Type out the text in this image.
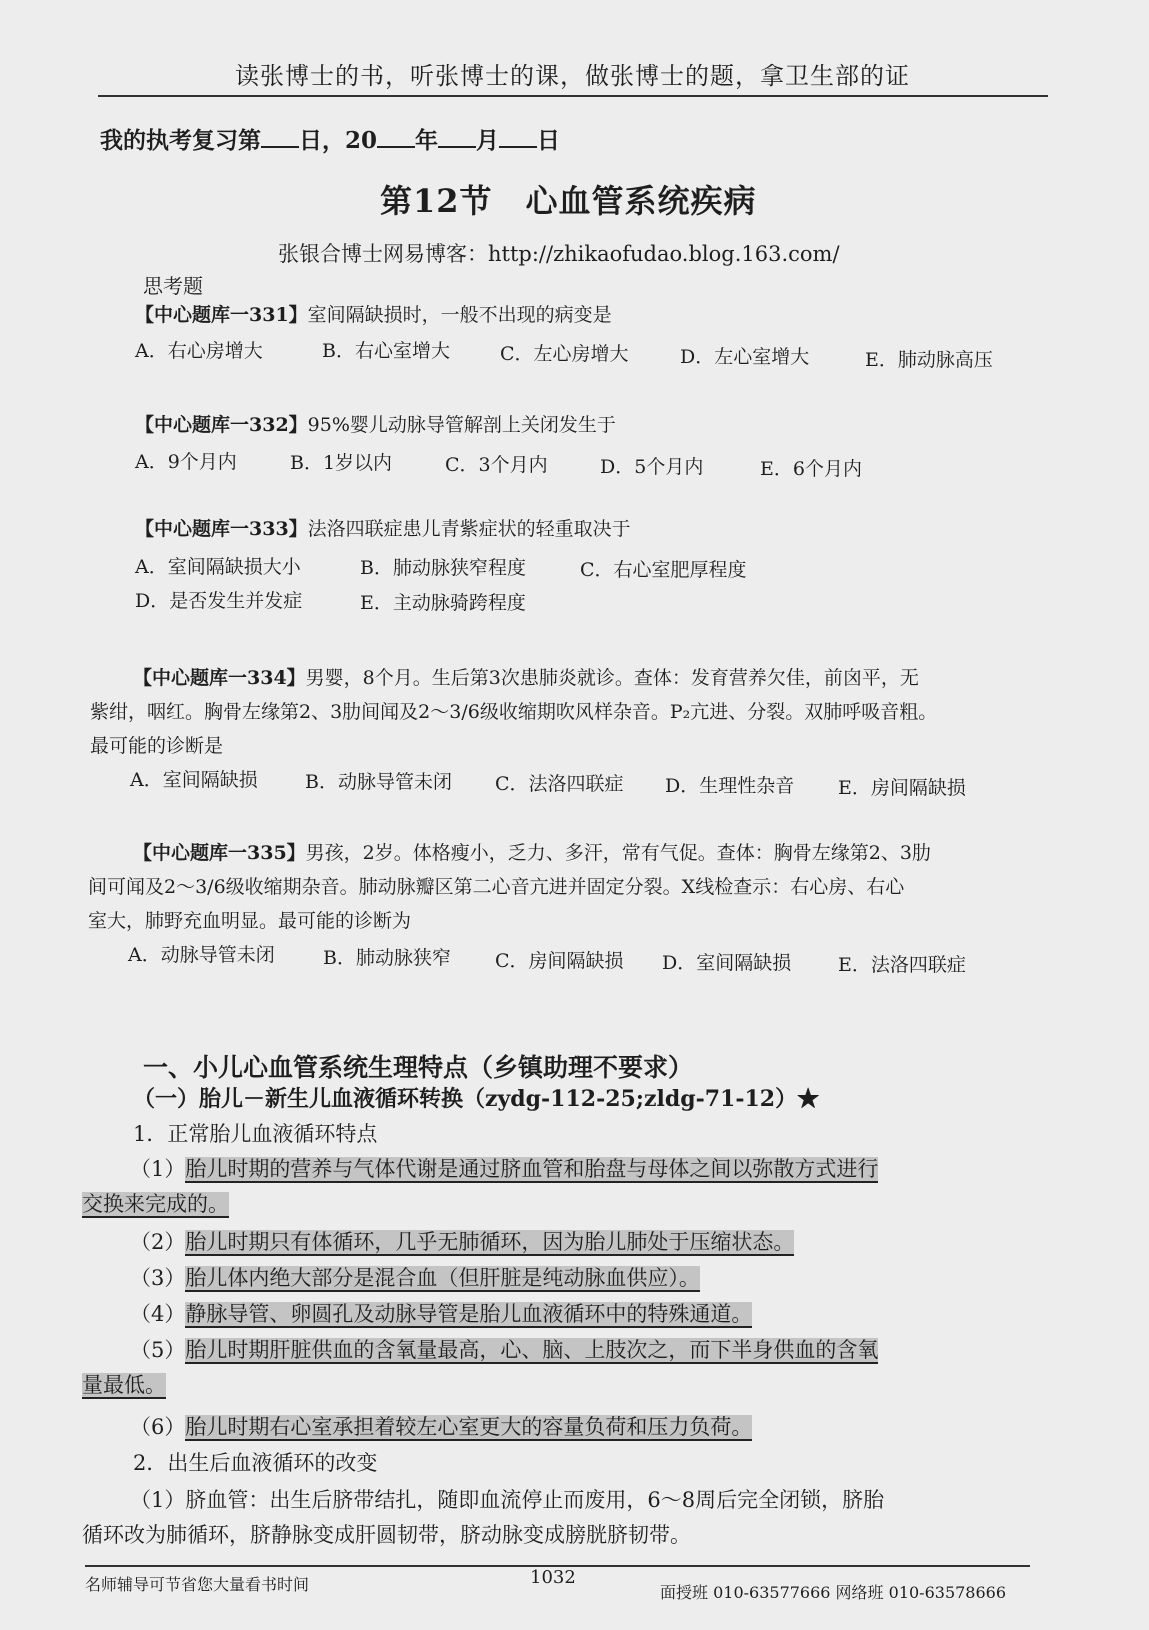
读张博士的书，听张博士的课，做张博士的题，拿卫生部的证
我的执考复习第 日，20 年 月 日
第12节　心血管系统疾病
张银合博士网易博客：http://zhikaofudao.blog.163.com/
思考题
【中心题库一331】室间隔缺损时，一般不出现的病变是
A．右心房增大	B．右心室增大	C．左心房增大	D．左心室增大	E．肺动脉高压
【中心题库一332】95%婴儿动脉导管解剖上关闭发生于
A．9个月内	B．1岁以内	C．3个月内	D．5个月内	E．6个月内
【中心题库一333】法洛四联症患儿青紫症状的轻重取决于
A．室间隔缺损大小	B．肺动脉狭窄程度	C．右心室肥厚程度
D．是否发生并发症	E．主动脉骑跨程度
【中心题库一334】男婴，8个月。生后第3次患肺炎就诊。查体：发育营养欠佳，前囟平，无
紫绀，咽红。胸骨左缘第2、3肋间闻及2～3/6级收缩期吹风样杂音。P₂亢进、分裂。双肺呼吸音粗。
最可能的诊断是
A．室间隔缺损 B．动脉导管未闭 C．法洛四联症 D．生理性杂音 E．房间隔缺损
【中心题库一335】男孩，2岁。体格瘦小，乏力、多汗，常有气促。查体：胸骨左缘第2、3肋
间可闻及2～3/6级收缩期杂音。肺动脉瓣区第二心音亢进并固定分裂。X线检查示：右心房、右心
室大，肺野充血明显。最可能的诊断为
A．动脉导管未闭	B．肺动脉狭窄 C．房间隔缺损 D．室间隔缺损 E．法洛四联症
一、小儿心血管系统生理特点（乡镇助理不要求）
（一）胎儿－新生儿血液循环转换（zydg-112-25;zldg-71-12）★
1．正常胎儿血液循环特点
（1）胎儿时期的营养与气体代谢是通过脐血管和胎盘与母体之间以弥散方式进行
交换来完成的。
（2）胎儿时期只有体循环，几乎无肺循环，因为胎儿肺处于压缩状态。
（3）胎儿体内绝大部分是混合血（但肝脏是纯动脉血供应）。
（4）静脉导管、卵圆孔及动脉导管是胎儿血液循环中的特殊通道。
（5）胎儿时期肝脏供血的含氧量最高，心、脑、上肢次之，而下半身供血的含氧
量最低。
（6）胎儿时期右心室承担着较左心室更大的容量负荷和压力负荷。
2．出生后血液循环的改变
（1）脐血管：出生后脐带结扎，随即血流停止而废用，6～8周后完全闭锁，脐胎
循环改为肺循环，脐静脉变成肝圆韧带，脐动脉变成膀胱脐韧带。
名师辅导可节省您大量看书时间	1032
面授班 010-63577666 网络班 010-63578666
